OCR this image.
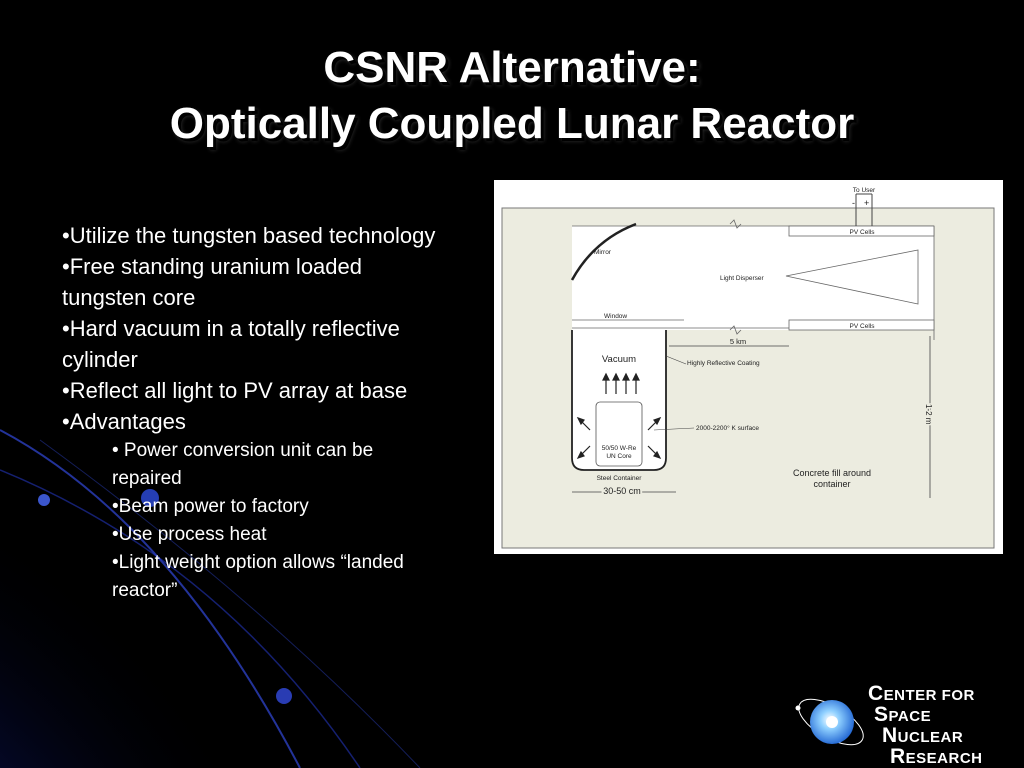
CSNR Alternative:
Optically Coupled Lunar Reactor
•Utilize the tungsten based technology
•Free standing uranium loaded tungsten core
•Hard vacuum in a totally reflective cylinder
•Reflect all light to PV array at base
•Advantages
• Power conversion unit can be repaired
•Beam power to factory
•Use process heat
•Light weight option allows “landed reactor”
To User
- +
PV Cells
Mirror
Light Disperser
Window
PV Cells
5 km
Vacuum	Highly Reflective Coating
2000-2200° K surface
50/50 W-Re
UN Core
Steel Container
30-50 cm
Concrete fill around
container
1-2 m
CENTER FOR
SPACE
NUCLEAR
RESEARCH
